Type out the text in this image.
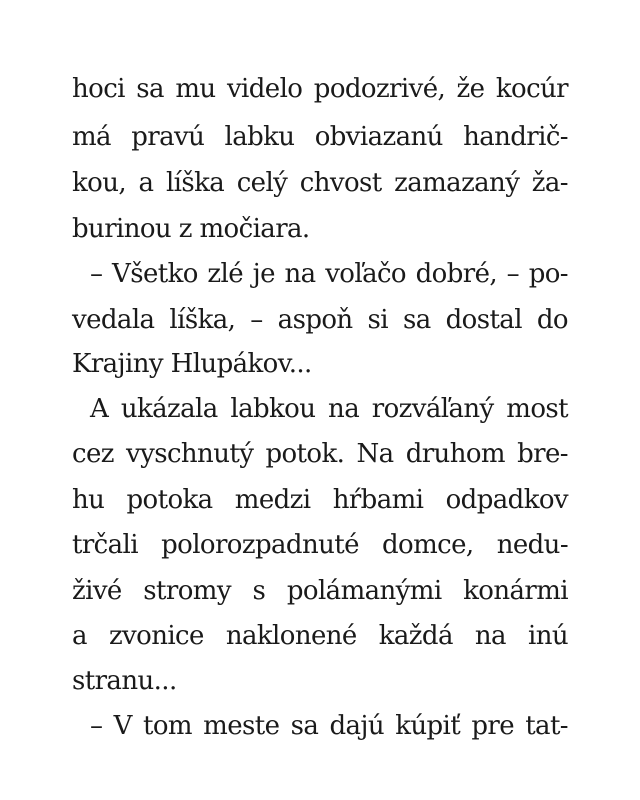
hoci sa mu videlo podozrivé, že kocúr
má pravú labku obviazanú handrič-
kou, a líška celý chvost zamazaný ža-
burinou z močiara.
– Všetko zlé je na voľačo dobré, – po-
vedala líška, – aspoň si sa dostal do
Krajiny Hlupákov...
A ukázala labkou na rozváľaný most
cez vyschnutý potok. Na druhom bre-
hu potoka medzi hŕbami odpadkov
trčali polorozpadnuté domce, nedu-
živé stromy s polámanými konármi
a zvonice naklonené každá na inú
stranu...
– V tom meste sa dajú kúpiť pre tat-
